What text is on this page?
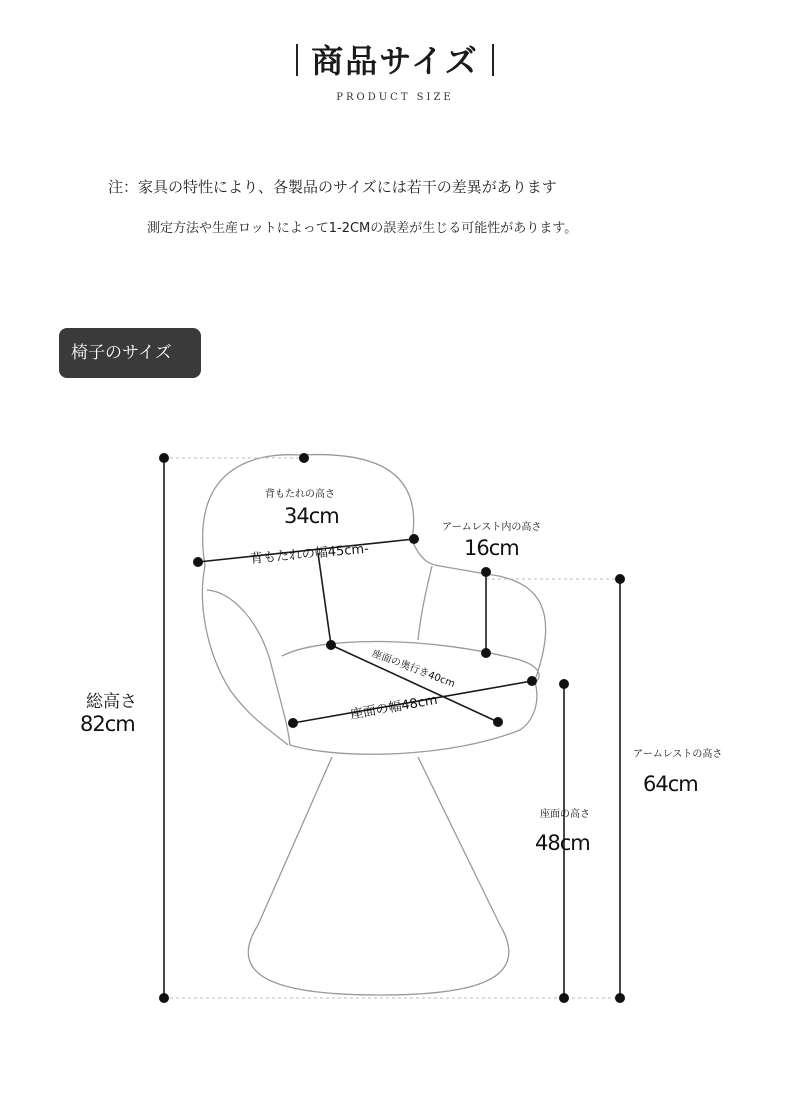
商品サイズ
PRODUCT SIZE
注：家具の特性により、各製品のサイズには若干の差異があります
測定方法や生産ロットによって1-2CMの誤差が生じる可能性があります。
椅子のサイズ
背もたれの高さ
34cm
背もたれの幅45cm-
アームレスト内の高さ
16cm
座面の奥行き40cm
座面の幅48cm
総高さ
82cm
アームレストの高さ
64cm
座面の高さ
48cm
